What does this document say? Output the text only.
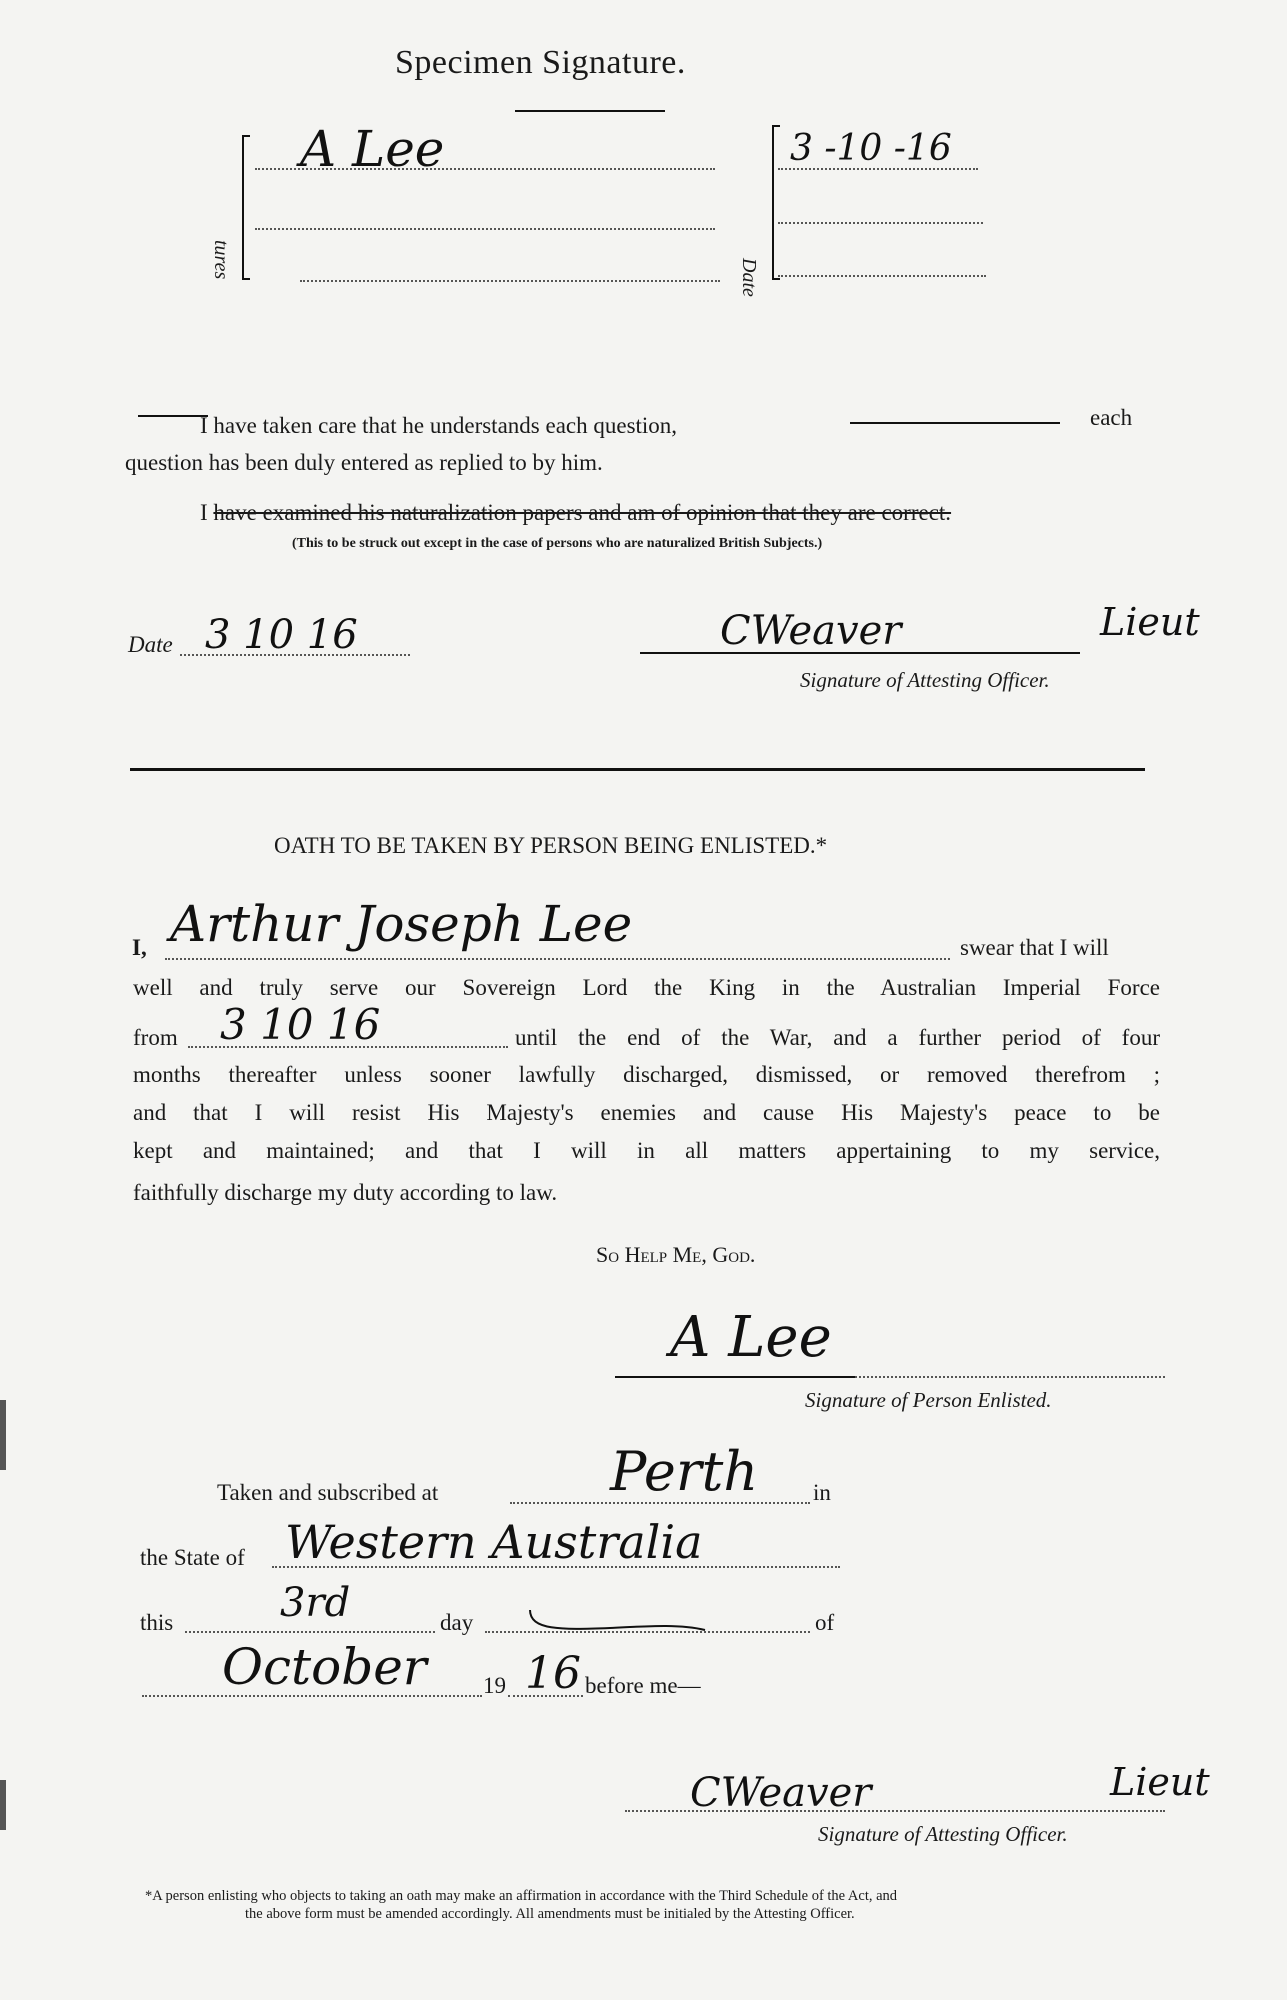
Specimen Signature.
tures
A Lee
Date
3 -10 -16
I have taken care that he understands each question,	each
question has been duly entered as replied to by him.
I have examined his naturalization papers and am of opinion that they are correct.
(This to be struck out except in the case of persons who are naturalized British Subjects.)
Date 3 10 16	CWeaver	Lieut
Signature of Attesting Officer.
OATH TO BE TAKEN BY PERSON BEING ENLISTED.*
I, Arthur Joseph Lee	swear that I will
well and truly serve our Sovereign Lord the King in the Australian Imperial Force
from 3 10 16	until the end of the War, and a further period of four
months thereafter unless sooner lawfully discharged, dismissed, or removed therefrom ;
and that I will resist His Majesty's enemies and cause His Majesty's peace to be
kept and maintained; and that I will in all matters appertaining to my service,
faithfully discharge my duty according to law.
So Help Me, God.
A Lee
Signature of Person Enlisted.
Taken and subscribed at	Perth in
the State of Western Australia
this	3rd	day	of
October 19 16 before me—
CWeaver	Lieut
Signature of Attesting Officer.
*A person enlisting who objects to taking an oath may make an affirmation in accordance with the Third Schedule of the Act, and
the above form must be amended accordingly. All amendments must be initialed by the Attesting Officer.
